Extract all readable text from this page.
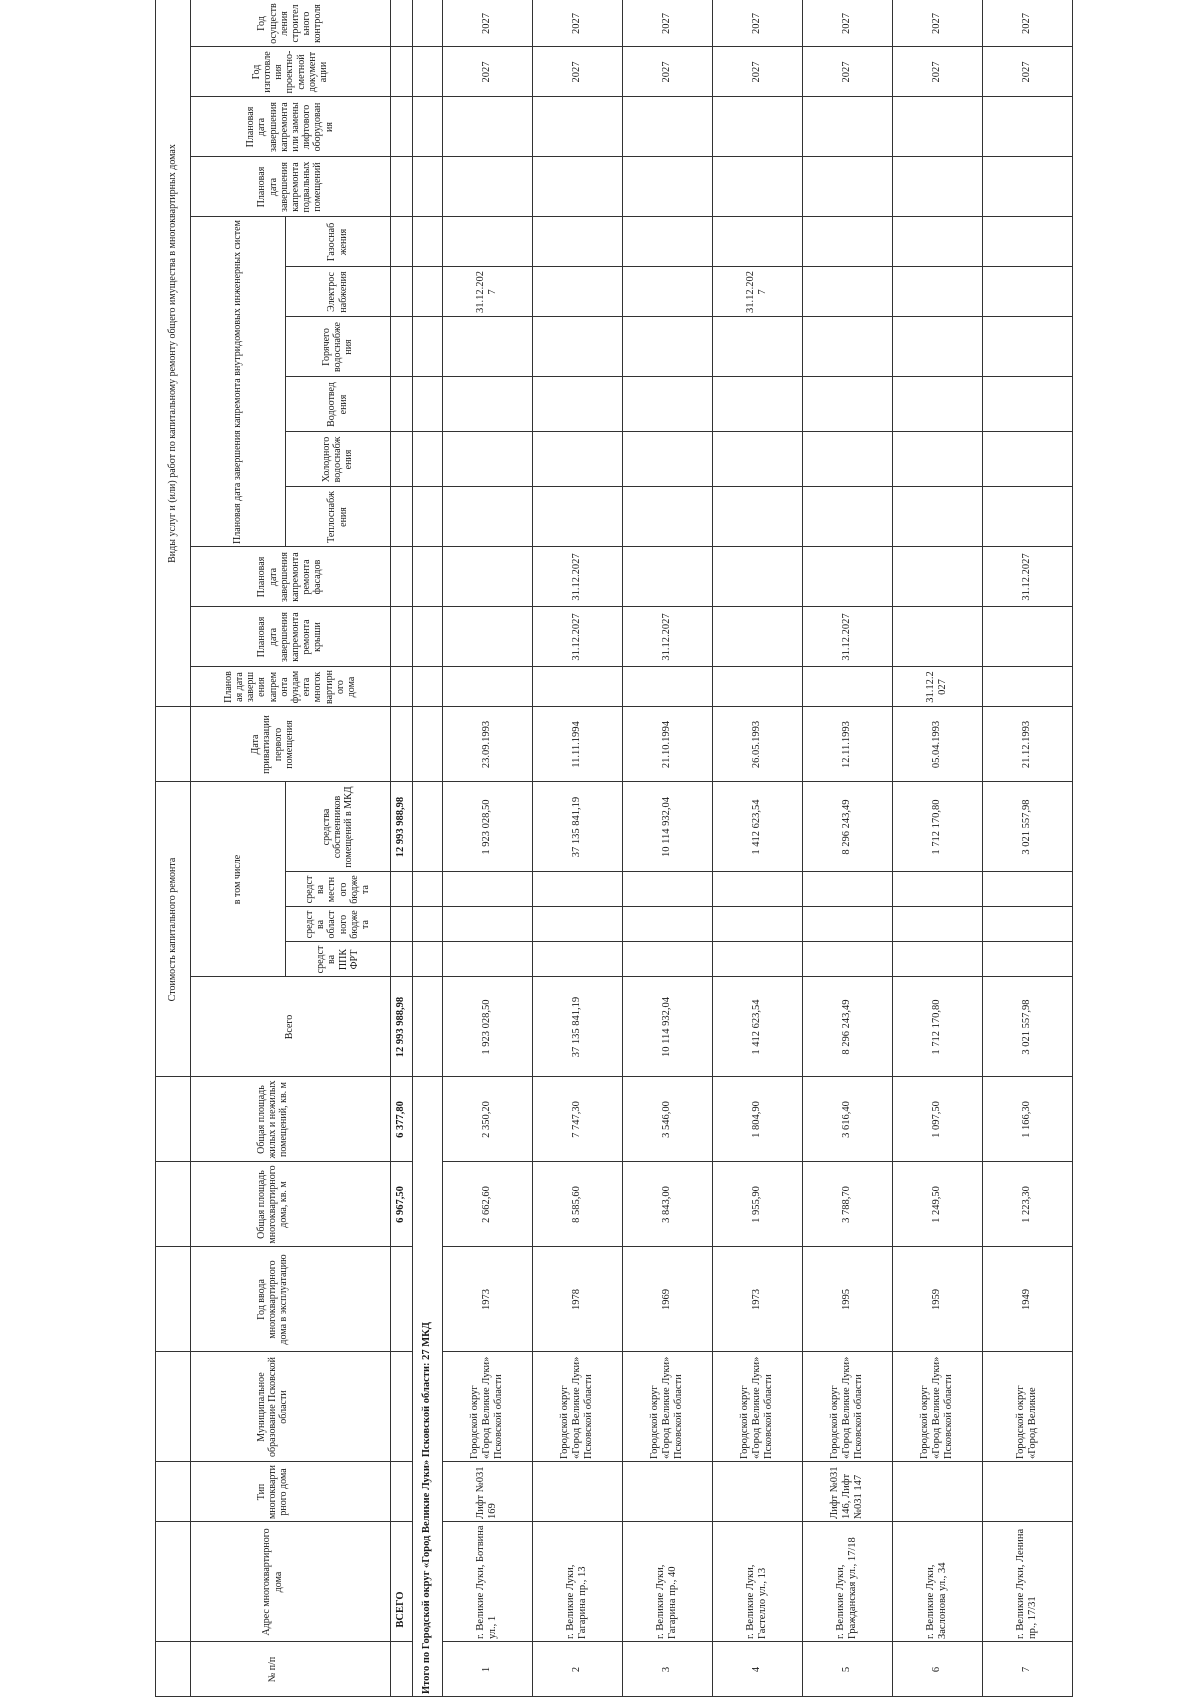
№ п/п
Адрес многоквартирного дома
Тип многоквартирного дома
Муниципальное образование Псковской области
Год ввода многоквартирного дома в эксплуатацию
Общая площадь многоквартирного дома, кв. м
Общая площадь жилых и нежилых помещений, кв. м
Стоимость капитального ремонта
Всего
в том числе
средства ППК ФРТ
средства областного бюджета
средства местного бюджета
средства собственников помещений в МКД
Дата приватизации первого помещения
Виды услуг и (или) работ по капитальному ремонту общего имущества в многоквартирных домах
Плановая дата завершения капремонта фундамента многоквартирного дома
Плановая дата завершения капремонта ремонта крыши
Плановая дата завершения капремонта ремонта фасадов
Плановая дата завершения капремонта внутридомовых инженерных систем	Теплоснабжения
Холодного водоснабжения
Водоотведения
Горячего водоснабжения
Электроснабжения
Газоснабжения
Плановая дата завершения капремонта подвальных помещений
Плановая дата завершения капремонта или замены лифтового оборудования
Год изготовления проектно-сметной документации
Год осуществления строительного контроля
ВСЕГО
6 967,50
6 377,80
12 993 988,98
12 993 988,98
Итого по Городской округ «Город Великие Луки» Псковской области: 27 МКД	1
г. Великие Луки, Ботвина ул., 1
Лифт №031 169
Городской округ «Город Великие Луки» Псковской области
1973
2 662,60
2 350,20
1 923 028,50
1 923 028,50
23.09.1993
31.12.2027
2027
2027
2
г. Великие Луки, Гагарина пр., 13
Городской округ «Город Великие Луки» Псковской области
1978
8 585,60
7 747,30
37 135 841,19
37 135 841,19
11.11.1994
31.12.2027
31.12.2027
2027
2027
3
г. Великие Луки, Гагарина пр., 40
Городской округ «Город Великие Луки» Псковской области
1969
3 843,00
3 546,00
10 114 932,04
10 114 932,04
21.10.1994
31.12.2027
2027
2027
4
г. Великие Луки, Гастелло ул., 13
Городской округ «Город Великие Луки» Псковской области
1973
1 955,90
1 804,90
1 412 623,54
1 412 623,54
26.05.1993
31.12.2027
2027
2027
5
г. Великие Луки, Гражданская ул., 17/18
Лифт №031 146, Лифт №031 147
Городской округ «Город Великие Луки» Псковской области
1995
3 788,70
3 616,40
8 296 243,49
8 296 243,49
12.11.1993
31.12.2027
2027
2027
6
г. Великие Луки, Заслонова ул., 34
Городской округ «Город Великие Луки» Псковской области
1959
1 249,50
1 097,50
1 712 170,80
1 712 170,80
05.04.1993
31.12.2027
2027
2027
7
г. Великие Луки, Ленина пр., 17/31
Городской округ «Город Великие
1949
1 223,30
1 166,30
3 021 557,98
3 021 557,98
21.12.1993
31.12.2027
2027
2027
